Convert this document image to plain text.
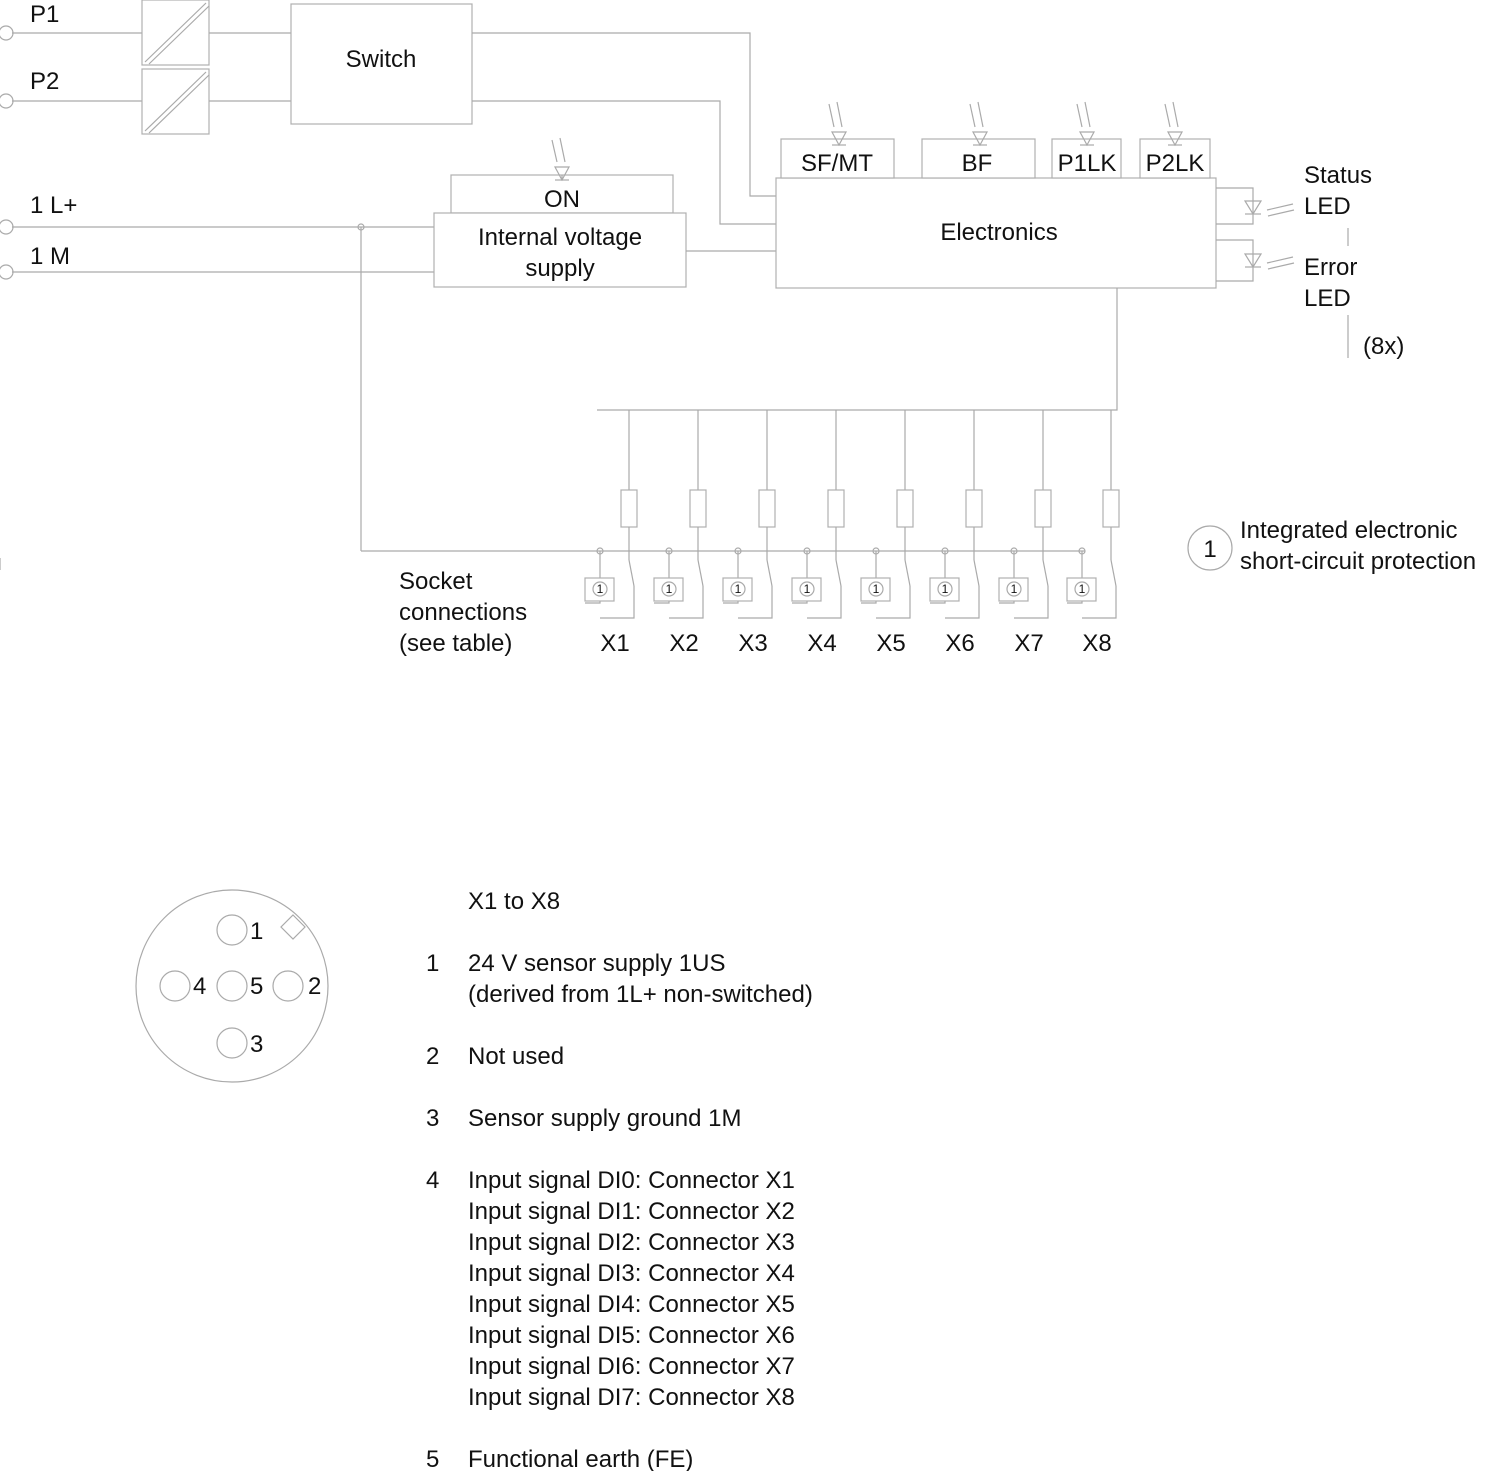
P1
P2
1 L+
1 M
Switch
ON
Internal voltage
supply
Electronics
SF/MT	BF	P1LK P2LK	Status
LED
Error
LED
(8x)
1
X1
1
X2
1
X3
1
X4
1
X5
1
X6
1
X7
1
X8
Socket
connections
(see table)
1
Integrated electronic
short-circuit protection
1
2
3
4 5
X1 to X8
1 24 V sensor supply 1US
(derived from 1L+ non-switched)
2 Not used
3 Sensor supply ground 1M
4 Input signal DI0: Connector X1
Input signal DI1: Connector X2
Input signal DI2: Connector X3
Input signal DI3: Connector X4
Input signal DI4: Connector X5
Input signal DI5: Connector X6
Input signal DI6: Connector X7
Input signal DI7: Connector X8
5 Functional earth (FE)
